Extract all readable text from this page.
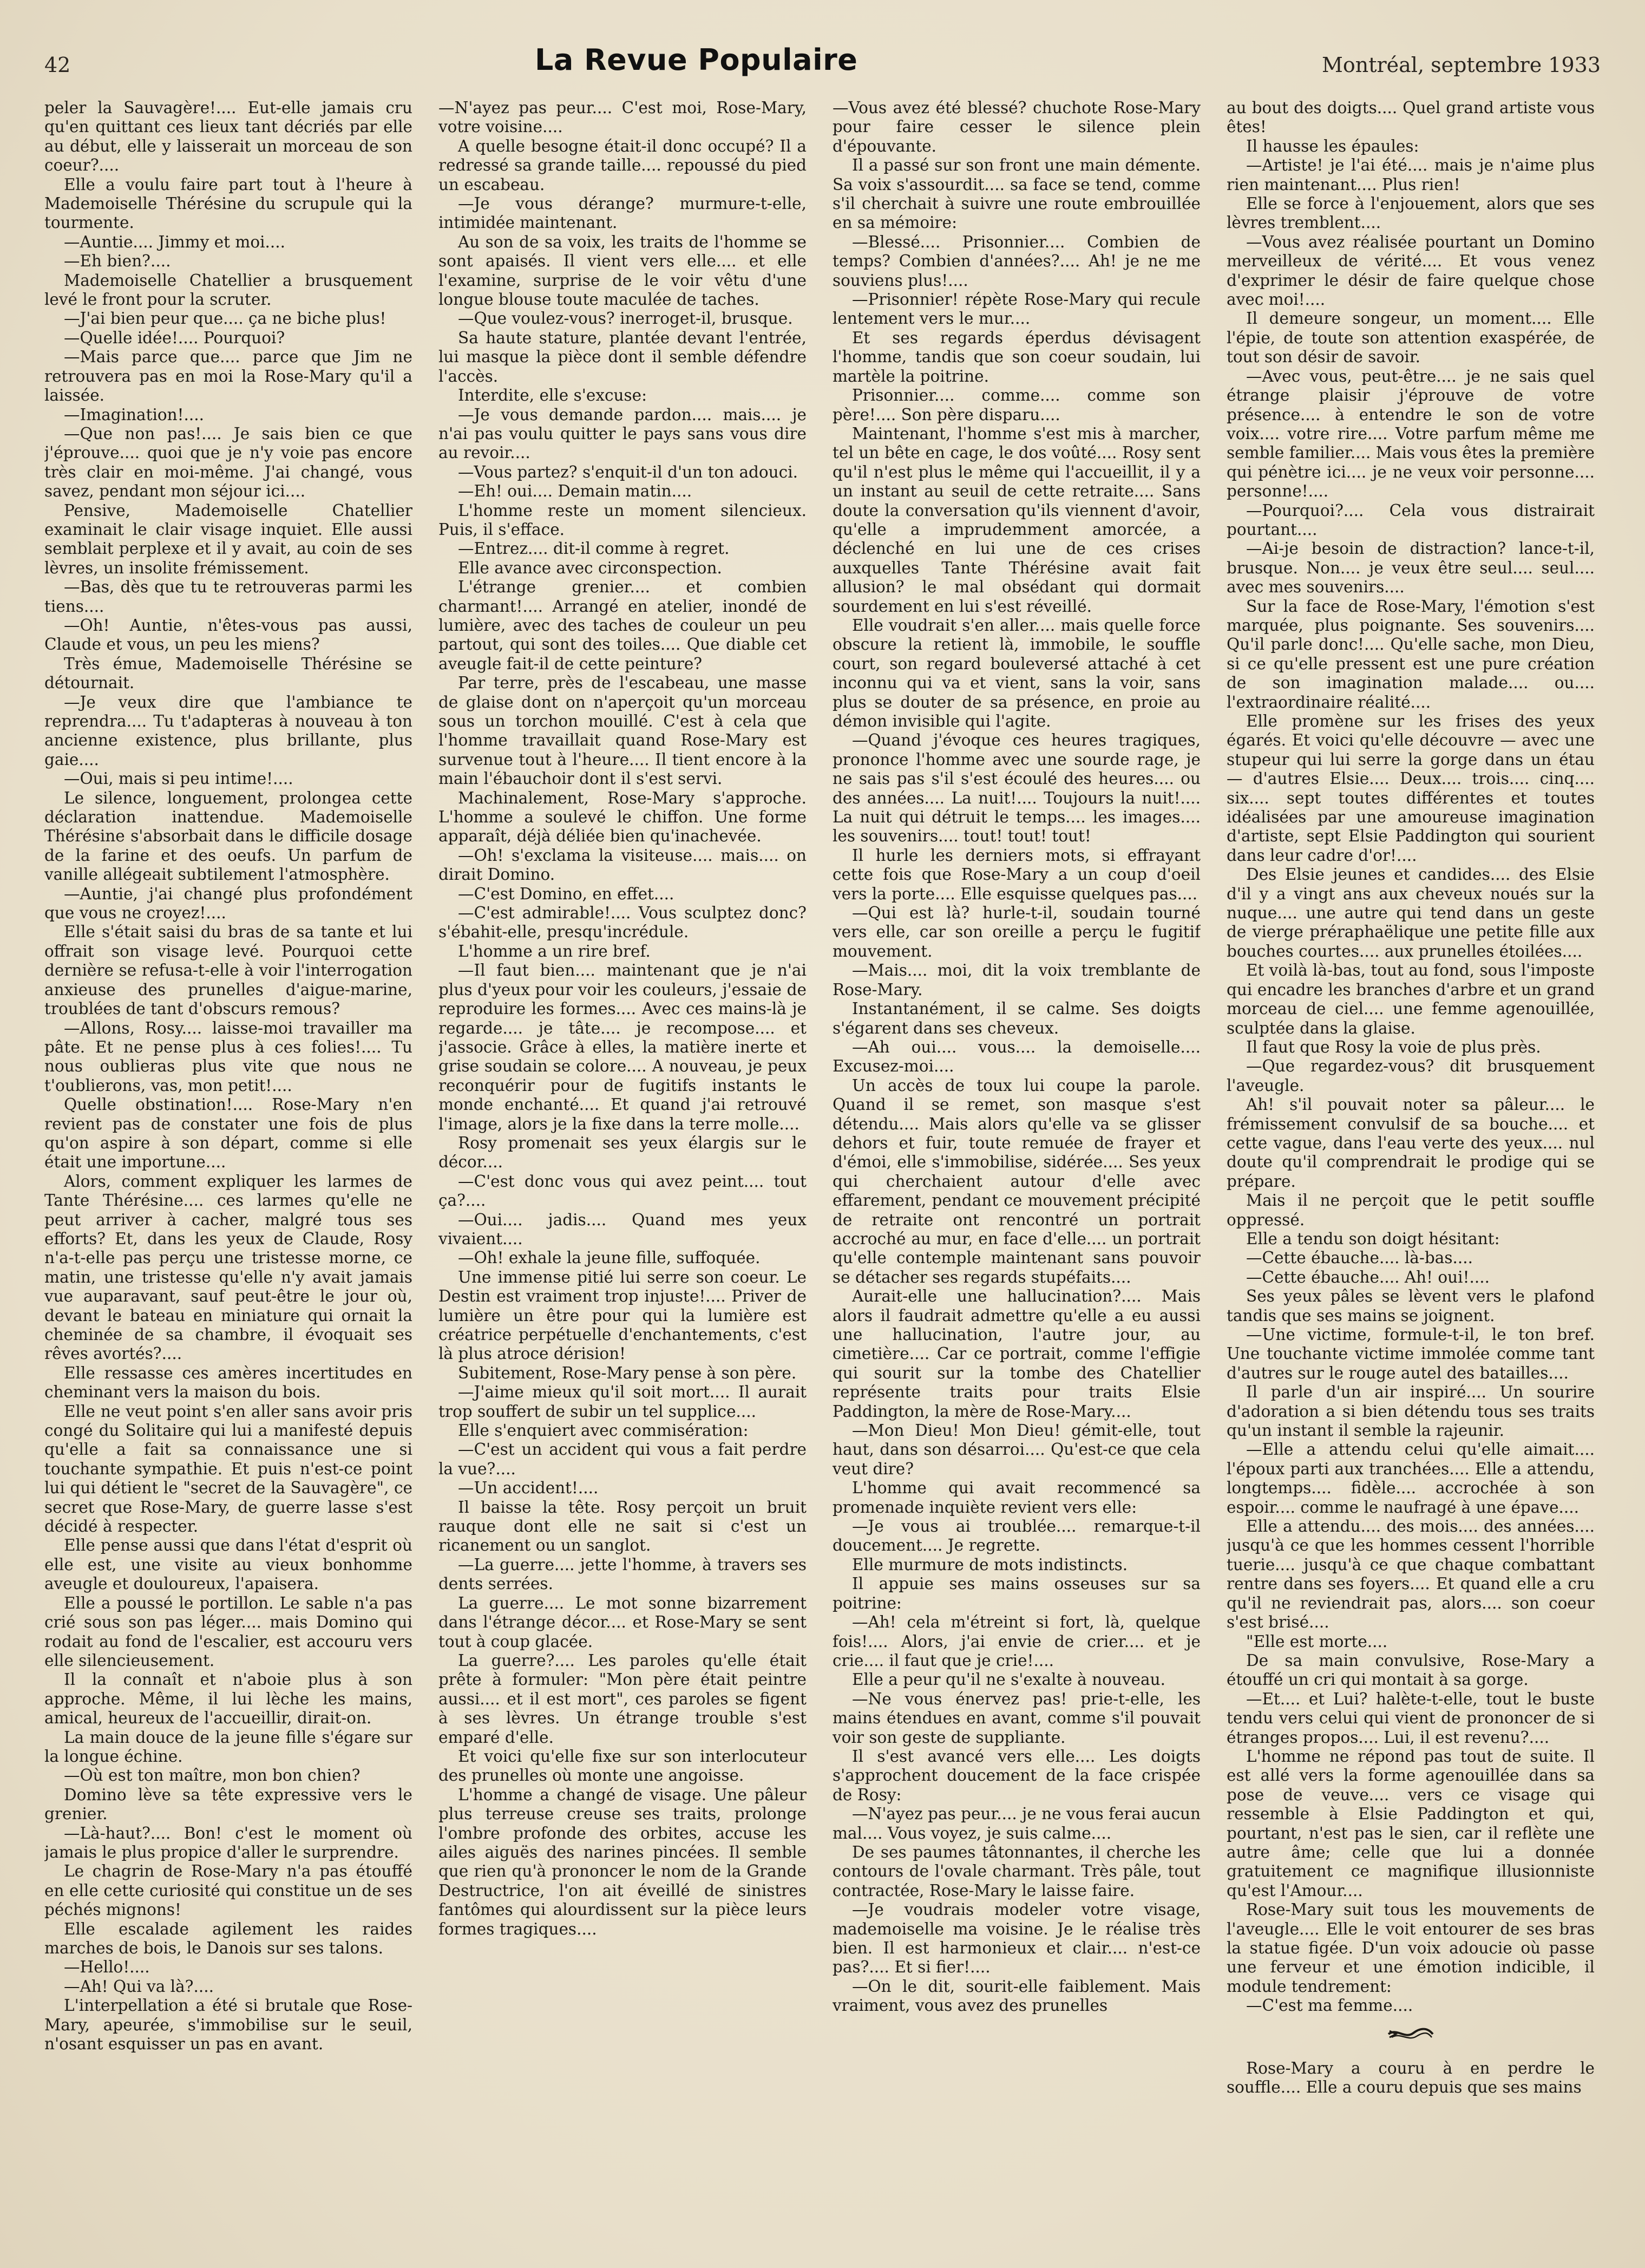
42	La Revue Populaire	Montréal, septembre 1933

peler la Sauvagère!.... Eut-elle jamais cru qu'en quittant ces lieux tant décriés par elle au début, elle y laisserait un morceau de son coeur?....

Elle a voulu faire part tout à l'heure à Mademoiselle Thérésine du scrupule qui la tourmente.

—Auntie.... Jimmy et moi....

—Eh bien?....

Mademoiselle Chatellier a brusquement levé le front pour la scruter.

—J'ai bien peur que.... ça ne biche plus!

—Quelle idée!.... Pourquoi?

—Mais parce que.... parce que Jim ne retrouvera pas en moi la Rose-Mary qu'il a laissée.

—Imagination!....

—Que non pas!.... Je sais bien ce que j'éprouve.... quoi que je n'y voie pas encore très clair en moi-même. J'ai changé, vous savez, pendant mon séjour ici....

Pensive, Mademoiselle Chatellier examinait le clair visage inquiet. Elle aussi semblait perplexe et il y avait, au coin de ses lèvres, un insolite frémissement.

—Bas, dès que tu te retrouveras parmi les tiens....

—Oh! Auntie, n'êtes-vous pas aussi, Claude et vous, un peu les miens?

Très émue, Mademoiselle Thérésine se détournait.

—Je veux dire que l'ambiance te reprendra.... Tu t'adapteras à nouveau à ton ancienne existence, plus brillante, plus gaie....

—Oui, mais si peu intime!....

Le silence, longuement, prolongea cette déclaration inattendue. Mademoiselle Thérésine s'absorbait dans le difficile dosage de la farine et des oeufs. Un parfum de vanille allégeait subtilement l'atmosphère.

—Auntie, j'ai changé plus profondément que vous ne croyez!....

Elle s'était saisi du bras de sa tante et lui offrait son visage levé. Pourquoi cette dernière se refusa-t-elle à voir l'interrogation anxieuse des prunelles d'aigue-marine, troublées de tant d'obscurs remous?

—Allons, Rosy.... laisse-moi travailler ma pâte. Et ne pense plus à ces folies!.... Tu nous oublieras plus vite que nous ne t'oublierons, vas, mon petit!....

Quelle obstination!.... Rose-Mary n'en revient pas de constater une fois de plus qu'on aspire à son départ, comme si elle était une importune....

Alors, comment expliquer les larmes de Tante Thérésine.... ces larmes qu'elle ne peut arriver à cacher, malgré tous ses efforts? Et, dans les yeux de Claude, Rosy n'a-t-elle pas perçu une tristesse morne, ce matin, une tristesse qu'elle n'y avait jamais vue auparavant, sauf peut-être le jour où, devant le bateau en miniature qui ornait la cheminée de sa chambre, il évoquait ses rêves avortés?....

Elle ressasse ces amères incertitudes en cheminant vers la maison du bois.

Elle ne veut point s'en aller sans avoir pris congé du Solitaire qui lui a manifesté depuis qu'elle a fait sa connaissance une si touchante sympathie. Et puis n'est-ce point lui qui détient le "secret de la Sauvagère", ce secret que Rose-Mary, de guerre lasse s'est décidé à respecter.

Elle pense aussi que dans l'état d'esprit où elle est, une visite au vieux bonhomme aveugle et douloureux, l'apaisera.

Elle a poussé le portillon. Le sable n'a pas crié sous son pas léger.... mais Domino qui rodait au fond de l'escalier, est accouru vers elle silencieusement.

Il la connaît et n'aboie plus à son approche. Même, il lui lèche les mains, amical, heureux de l'accueillir, dirait-on.

La main douce de la jeune fille s'égare sur la longue échine.

—Où est ton maître, mon bon chien?

Domino lève sa tête expressive vers le grenier.

—Là-haut?.... Bon! c'est le moment où jamais le plus propice d'aller le surprendre.

Le chagrin de Rose-Mary n'a pas étouffé en elle cette curiosité qui constitue un de ses péchés mignons!

Elle escalade agilement les raides marches de bois, le Danois sur ses talons.

—Hello!....

—Ah! Qui va là?....

L'interpellation a été si brutale que Rose-Mary, apeurée, s'immobilise sur le seuil, n'osant esquisser un pas en avant.

—N'ayez pas peur.... C'est moi, Rose-Mary, votre voisine....

A quelle besogne était-il donc occupé? Il a redressé sa grande taille.... repoussé du pied un escabeau.

—Je vous dérange? murmure-t-elle, intimidée maintenant.

Au son de sa voix, les traits de l'homme se sont apaisés. Il vient vers elle.... et elle l'examine, surprise de le voir vêtu d'une longue blouse toute maculée de taches.

—Que voulez-vous? inerroget-il, brusque.

Sa haute stature, plantée devant l'entrée, lui masque la pièce dont il semble défendre l'accès.

Interdite, elle s'excuse:

—Je vous demande pardon.... mais.... je n'ai pas voulu quitter le pays sans vous dire au revoir....

—Vous partez? s'enquit-il d'un ton adouci.

—Eh! oui.... Demain matin....

L'homme reste un moment silencieux. Puis, il s'efface.

—Entrez.... dit-il comme à regret.

Elle avance avec circonspection.

L'étrange grenier.... et combien charmant!.... Arrangé en atelier, inondé de lumière, avec des taches de couleur un peu partout, qui sont des toiles.... Que diable cet aveugle fait-il de cette peinture?

Par terre, près de l'escabeau, une masse de glaise dont on n'aperçoit qu'un morceau sous un torchon mouillé. C'est à cela que l'homme travaillait quand Rose-Mary est survenue tout à l'heure.... Il tient encore à la main l'ébauchoir dont il s'est servi.

Machinalement, Rose-Mary s'approche. L'homme a soulevé le chiffon. Une forme apparaît, déjà déliée bien qu'inachevée.

—Oh! s'exclama la visiteuse.... mais.... on dirait Domino.

—C'est Domino, en effet....

—C'est admirable!.... Vous sculptez donc? s'ébahit-elle, presqu'incrédule.

L'homme a un rire bref.

—Il faut bien.... maintenant que je n'ai plus d'yeux pour voir les couleurs, j'essaie de reproduire les formes.... Avec ces mains-là je regarde.... je tâte.... je recompose.... et j'associe. Grâce à elles, la matière inerte et grise soudain se colore.... A nouveau, je peux reconquérir pour de fugitifs instants le monde enchanté.... Et quand j'ai retrouvé l'image, alors je la fixe dans la terre molle....

Rosy promenait ses yeux élargis sur le décor....

—C'est donc vous qui avez peint.... tout ça?....

—Oui.... jadis.... Quand mes yeux vivaient....

—Oh! exhale la jeune fille, suffoquée.

Une immense pitié lui serre son coeur. Le Destin est vraiment trop injuste!.... Priver de lumière un être pour qui la lumière est créatrice perpétuelle d'enchantements, c'est là plus atroce dérision!

Subitement, Rose-Mary pense à son père.

—J'aime mieux qu'il soit mort.... Il aurait trop souffert de subir un tel supplice....

Elle s'enquiert avec commisération:

—C'est un accident qui vous a fait perdre la vue?....

—Un accident!....

Il baisse la tête. Rosy perçoit un bruit rauque dont elle ne sait si c'est un ricanement ou un sanglot.

—La guerre.... jette l'homme, à travers ses dents serrées.

La guerre.... Le mot sonne bizarrement dans l'étrange décor.... et Rose-Mary se sent tout à coup glacée.

La guerre?.... Les paroles qu'elle était prête à formuler: "Mon père était peintre aussi.... et il est mort", ces paroles se figent à ses lèvres. Un étrange trouble s'est emparé d'elle.

Et voici qu'elle fixe sur son interlocuteur des prunelles où monte une angoisse.

L'homme a changé de visage. Une pâleur plus terreuse creuse ses traits, prolonge l'ombre profonde des orbites, accuse les ailes aiguës des narines pincées. Il semble que rien qu'à prononcer le nom de la Grande Destructrice, l'on ait éveillé de sinistres fantômes qui alourdissent sur la pièce leurs formes tragiques....

—Vous avez été blessé? chuchote Rose-Mary pour faire cesser le silence plein d'épouvante.

Il a passé sur son front une main démente. Sa voix s'assourdit.... sa face se tend, comme s'il cherchait à suivre une route embrouillée en sa mémoire:

—Blessé.... Prisonnier.... Combien de temps? Combien d'années?.... Ah! je ne me souviens plus!....

—Prisonnier! répète Rose-Mary qui recule lentement vers le mur....

Et ses regards éperdus dévisagent l'homme, tandis que son coeur soudain, lui martèle la poitrine.

Prisonnier.... comme.... comme son père!.... Son père disparu....

Maintenant, l'homme s'est mis à marcher, tel un bête en cage, le dos voûté.... Rosy sent qu'il n'est plus le même qui l'accueillit, il y a un instant au seuil de cette retraite.... Sans doute la conversation qu'ils viennent d'avoir, qu'elle a imprudemment amorcée, a déclenché en lui une de ces crises auxquelles Tante Thérésine avait fait allusion? le mal obsédant qui dormait sourdement en lui s'est réveillé.

Elle voudrait s'en aller.... mais quelle force obscure la retient là, immobile, le souffle court, son regard bouleversé attaché à cet inconnu qui va et vient, sans la voir, sans plus se douter de sa présence, en proie au démon invisible qui l'agite.

—Quand j'évoque ces heures tragiques, prononce l'homme avec une sourde rage, je ne sais pas s'il s'est écoulé des heures.... ou des années.... La nuit!.... Toujours la nuit!.... La nuit qui détruit le temps.... les images.... les souvenirs.... tout! tout! tout!

Il hurle les derniers mots, si effrayant cette fois que Rose-Mary a un coup d'oeil vers la porte.... Elle esquisse quelques pas....

—Qui est là? hurle-t-il, soudain tourné vers elle, car son oreille a perçu le fugitif mouvement.

—Mais.... moi, dit la voix tremblante de Rose-Mary.

Instantanément, il se calme. Ses doigts s'égarent dans ses cheveux.

—Ah oui.... vous.... la demoiselle.... Excusez-moi....

Un accès de toux lui coupe la parole. Quand il se remet, son masque s'est détendu.... Mais alors qu'elle va se glisser dehors et fuir, toute remuée de frayer et d'émoi, elle s'immobilise, sidérée.... Ses yeux qui cherchaient autour d'elle avec effarement, pendant ce mouvement précipité de retraite ont rencontré un portrait accroché au mur, en face d'elle.... un portrait qu'elle contemple maintenant sans pouvoir se détacher ses regards stupéfaits....

Aurait-elle une hallucination?.... Mais alors il faudrait admettre qu'elle a eu aussi une hallucination, l'autre jour, au cimetière.... Car ce portrait, comme l'effigie qui sourit sur la tombe des Chatellier représente traits pour traits Elsie Paddington, la mère de Rose-Mary....

—Mon Dieu! Mon Dieu! gémit-elle, tout haut, dans son désarroi.... Qu'est-ce que cela veut dire?

L'homme qui avait recommencé sa promenade inquiète revient vers elle:

—Je vous ai troublée.... remarque-t-il doucement.... Je regrette.

Elle murmure de mots indistincts.

Il appuie ses mains osseuses sur sa poitrine:

—Ah! cela m'étreint si fort, là, quelque fois!.... Alors, j'ai envie de crier.... et je crie.... il faut que je crie!....

Elle a peur qu'il ne s'exalte à nouveau.

—Ne vous énervez pas! prie-t-elle, les mains étendues en avant, comme s'il pouvait voir son geste de suppliante.

Il s'est avancé vers elle.... Les doigts s'approchent doucement de la face crispée de Rosy:

—N'ayez pas peur.... je ne vous ferai aucun mal.... Vous voyez, je suis calme....

De ses paumes tâtonnantes, il cherche les contours de l'ovale charmant. Très pâle, tout contractée, Rose-Mary le laisse faire.

—Je voudrais modeler votre visage, mademoiselle ma voisine. Je le réalise très bien. Il est harmonieux et clair.... n'est-ce pas?.... Et si fier!....

—On le dit, sourit-elle faiblement. Mais vraiment, vous avez des prunelles

au bout des doigts.... Quel grand artiste vous êtes!

Il hausse les épaules:

—Artiste! je l'ai été.... mais je n'aime plus rien maintenant.... Plus rien!

Elle se force à l'enjouement, alors que ses lèvres tremblent....

—Vous avez réalisée pourtant un Domino merveilleux de vérité.... Et vous venez d'exprimer le désir de faire quelque chose avec moi!....

Il demeure songeur, un moment.... Elle l'épie, de toute son attention exaspérée, de tout son désir de savoir.

—Avec vous, peut-être.... je ne sais quel étrange plaisir j'éprouve de votre présence.... à entendre le son de votre voix.... votre rire.... Votre parfum même me semble familier.... Mais vous êtes la première qui pénètre ici.... je ne veux voir personne.... personne!....

—Pourquoi?.... Cela vous distrairait pourtant....

—Ai-je besoin de distraction? lance-t-il, brusque. Non.... je veux être seul.... seul.... avec mes souvenirs....

Sur la face de Rose-Mary, l'émotion s'est marquée, plus poignante. Ses souvenirs.... Qu'il parle donc!.... Qu'elle sache, mon Dieu, si ce qu'elle pressent est une pure création de son imagination malade.... ou.... l'extraordinaire réalité....

Elle promène sur les frises des yeux égarés. Et voici qu'elle découvre — avec une stupeur qui lui serre la gorge dans un étau — d'autres Elsie.... Deux.... trois.... cinq.... six.... sept toutes différentes et toutes idéalisées par une amoureuse imagination d'artiste, sept Elsie Paddington qui sourient dans leur cadre d'or!....

Des Elsie jeunes et candides.... des Elsie d'il y a vingt ans aux cheveux noués sur la nuque.... une autre qui tend dans un geste de vierge préraphaëlique une petite fille aux bouches courtes.... aux prunelles étoilées....

Et voilà là-bas, tout au fond, sous l'imposte qui encadre les branches d'arbre et un grand morceau de ciel.... une femme agenouillée, sculptée dans la glaise.

Il faut que Rosy la voie de plus près.

—Que regardez-vous? dit brusquement l'aveugle.

Ah! s'il pouvait noter sa pâleur.... le frémissement convulsif de sa bouche.... et cette vague, dans l'eau verte des yeux.... nul doute qu'il comprendrait le prodige qui se prépare.

Mais il ne perçoit que le petit souffle oppressé.

Elle a tendu son doigt hésitant:

—Cette ébauche.... là-bas....

—Cette ébauche.... Ah! oui!....

Ses yeux pâles se lèvent vers le plafond tandis que ses mains se joignent.

—Une victime, formule-t-il, le ton bref. Une touchante victime immolée comme tant d'autres sur le rouge autel des batailles....

Il parle d'un air inspiré.... Un sourire d'adoration a si bien détendu tous ses traits qu'un instant il semble la rajeunir.

—Elle a attendu celui qu'elle aimait.... l'époux parti aux tranchées.... Elle a attendu, longtemps.... fidèle.... accrochée à son espoir.... comme le naufragé à une épave....

Elle a attendu.... des mois.... des années.... jusqu'à ce que les hommes cessent l'horrible tuerie.... jusqu'à ce que chaque combattant rentre dans ses foyers.... Et quand elle a cru qu'il ne reviendrait pas, alors.... son coeur s'est brisé....

"Elle est morte....

De sa main convulsive, Rose-Mary a étouffé un cri qui montait à sa gorge.

—Et.... et Lui? halète-t-elle, tout le buste tendu vers celui qui vient de prononcer de si étranges propos.... Lui, il est revenu?....

L'homme ne répond pas tout de suite. Il est allé vers la forme agenouillée dans sa pose de veuve.... vers ce visage qui ressemble à Elsie Paddington et qui, pourtant, n'est pas le sien, car il reflète une autre âme; celle que lui a donnée gratuitement ce magnifique illusionniste qu'est l'Amour....

Rose-Mary suit tous les mouvements de l'aveugle.... Elle le voit entourer de ses bras la statue figée. D'un voix adoucie où passe une ferveur et une émotion indicible, il module tendrement:

—C'est ma femme....

Rose-Mary a couru à en perdre le souffle.... Elle a couru depuis que ses mains
